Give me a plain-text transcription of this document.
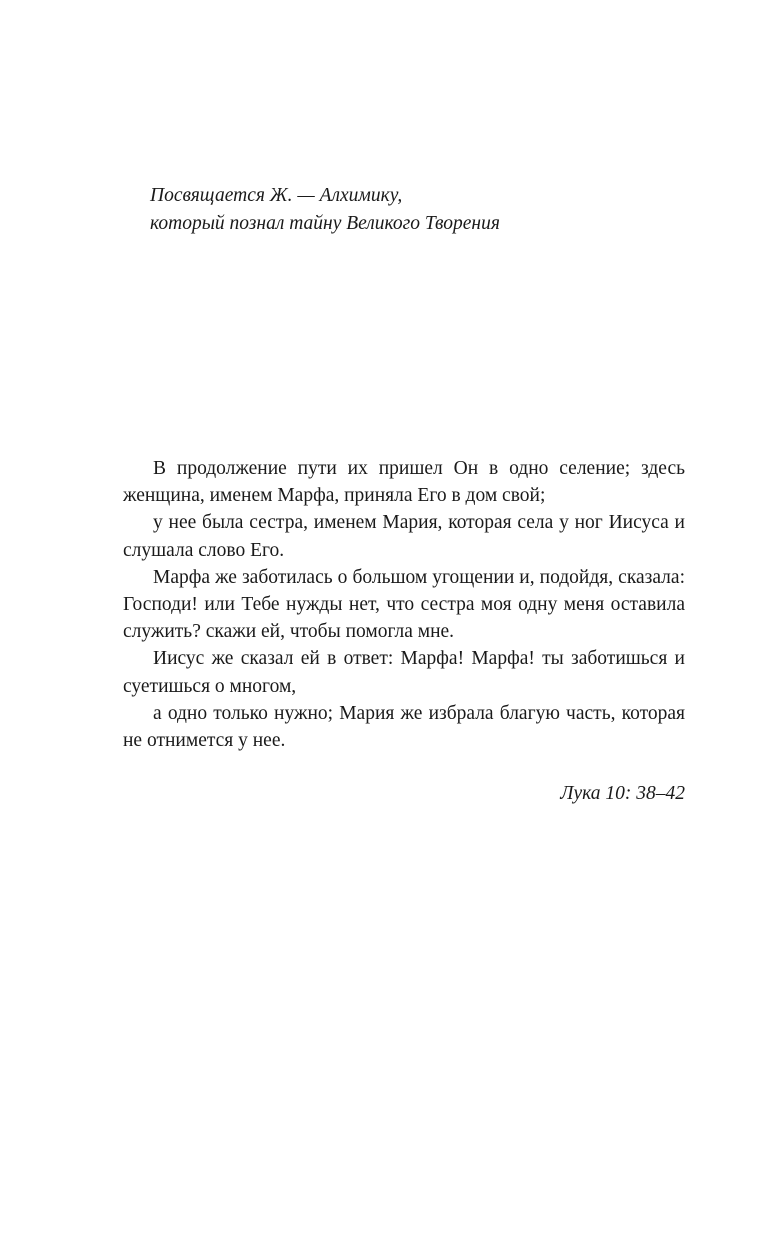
Посвящается Ж. — Алхимику,
который познал тайну Великого Творения

В продолжение пути их пришел Он в одно селение; здесь женщина, именем Марфа, приняла Его в дом свой;

у нее была сестра, именем Мария, которая села у ног Иисуса и слушала слово Его.

Марфа же заботилась о большом угощении и, подойдя, сказала: Господи! или Тебе нужды нет, что сестра моя одну меня оставила служить? скажи ей, чтобы помогла мне.

Иисус же сказал ей в ответ: Марфа! Марфа! ты заботишься и суетишься о многом,

а одно только нужно; Мария же избрала благую часть, которая не отнимется у нее.

Лука 10: 38–42
